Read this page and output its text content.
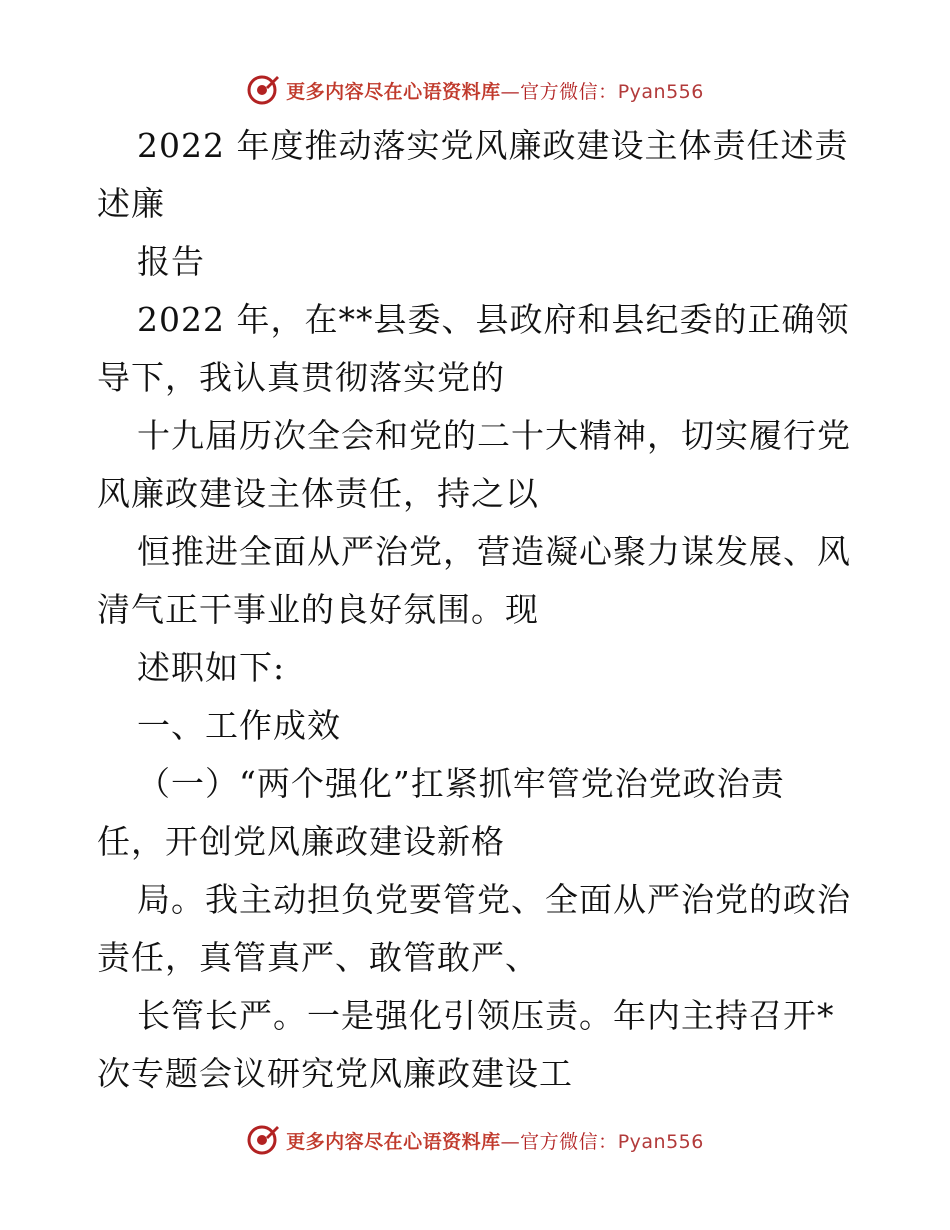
更多内容尽在心语资料库—官方微信：Pyan556
2022 年度推动落实党风廉政建设主体责任述责
述廉
报告
2022 年，在**县委、县政府和县纪委的正确领
导下，我认真贯彻落实党的
十九届历次全会和党的二十大精神，切实履行党
风廉政建设主体责任，持之以
恒推进全面从严治党，营造凝心聚力谋发展、风
清气正干事业的良好氛围。现
述职如下:
一、工作成效
（一）“两个强化”扛紧抓牢管党治党政治责
任，开创党风廉政建设新格
局。我主动担负党要管党、全面从严治党的政治
责任，真管真严、敢管敢严、
长管长严。一是强化引领压责。年内主持召开*
次专题会议研究党风廉政建设工
更多内容尽在心语资料库—官方微信：Pyan556
